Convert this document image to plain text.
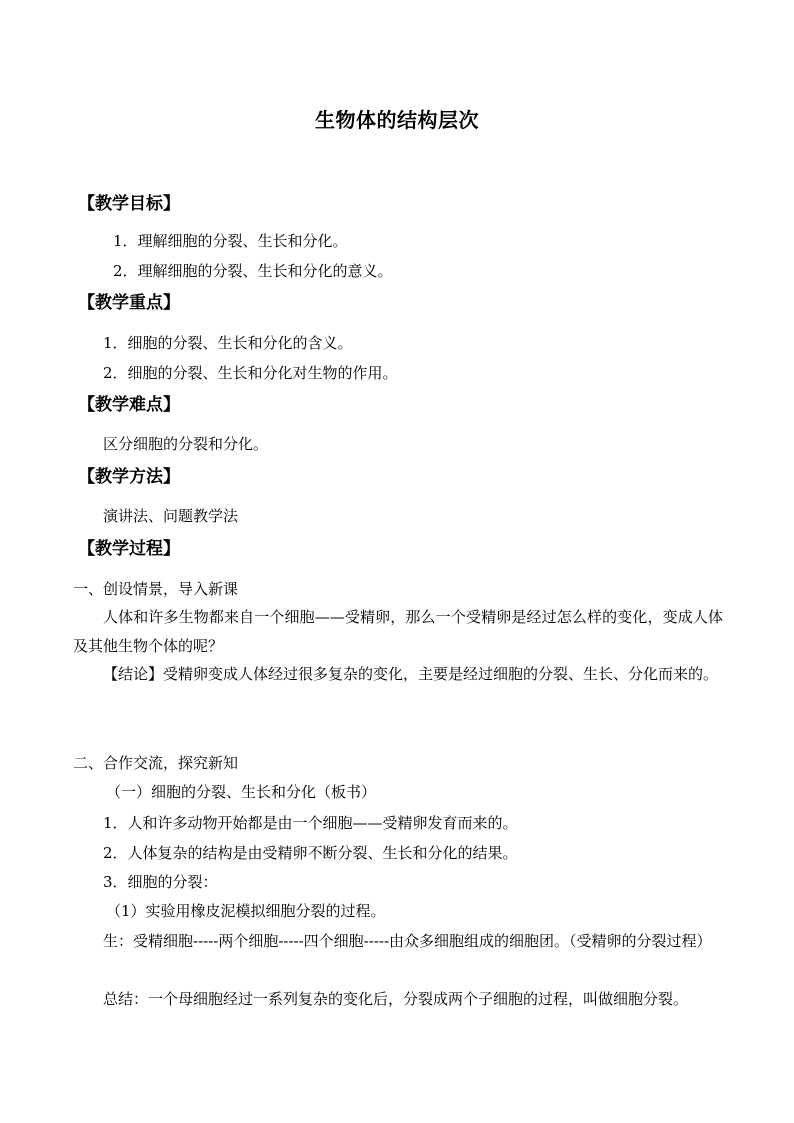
生物体的结构层次
【教学目标】
1．理解细胞的分裂、生长和分化。
2．理解细胞的分裂、生长和分化的意义。
【教学重点】
1．细胞的分裂、生长和分化的含义。
2．细胞的分裂、生长和分化对生物的作用。
【教学难点】
区分细胞的分裂和分化。
【教学方法】
演讲法、问题教学法
【教学过程】
一、创设情景，导入新课
人体和许多生物都来自一个细胞——受精卵，那么一个受精卵是经过怎么样的变化，变成人体及其他生物个体的呢？
【结论】受精卵变成人体经过很多复杂的变化，主要是经过细胞的分裂、生长、分化而来的。
二、合作交流，探究新知
（一）细胞的分裂、生长和分化（板书）
1．人和许多动物开始都是由一个细胞——受精卵发育而来的。
2．人体复杂的结构是由受精卵不断分裂、生长和分化的结果。
3．细胞的分裂：
（1）实验用橡皮泥模拟细胞分裂的过程。
生：受精细胞-----两个细胞-----四个细胞-----由众多细胞组成的细胞团。（受精卵的分裂过程）
总结：一个母细胞经过一系列复杂的变化后，分裂成两个子细胞的过程，叫做细胞分裂。
